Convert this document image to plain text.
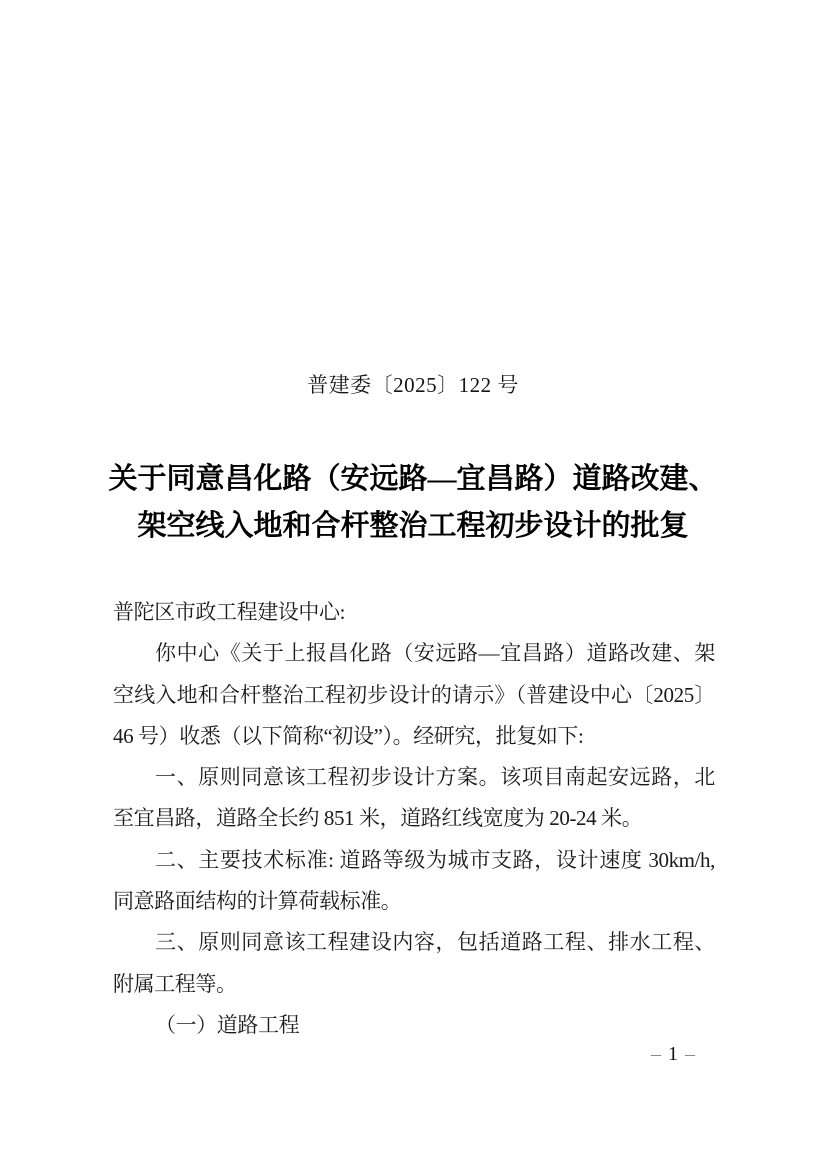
普建委〔2025〕122 号
关于同意昌化路（安远路—宜昌路）道路改建、
架空线入地和合杆整治工程初步设计的批复
普陀区市政工程建设中心:
你中心《关于上报昌化路（安远路—宜昌路）道路改建、架
空线入地和合杆整治工程初步设计的请示》（普建设中心〔2025〕
46 号）收悉（以下简称“初设”）。经研究，批复如下:
一、原则同意该工程初步设计方案。该项目南起安远路，北
至宜昌路，道路全长约 851 米，道路红线宽度为 20-24 米。
二、主要技术标准: 道路等级为城市支路，设计速度 30km/h,
同意路面结构的计算荷载标准。
三、原则同意该工程建设内容，包括道路工程、排水工程、
附属工程等。
（一）道路工程
– 1 –
